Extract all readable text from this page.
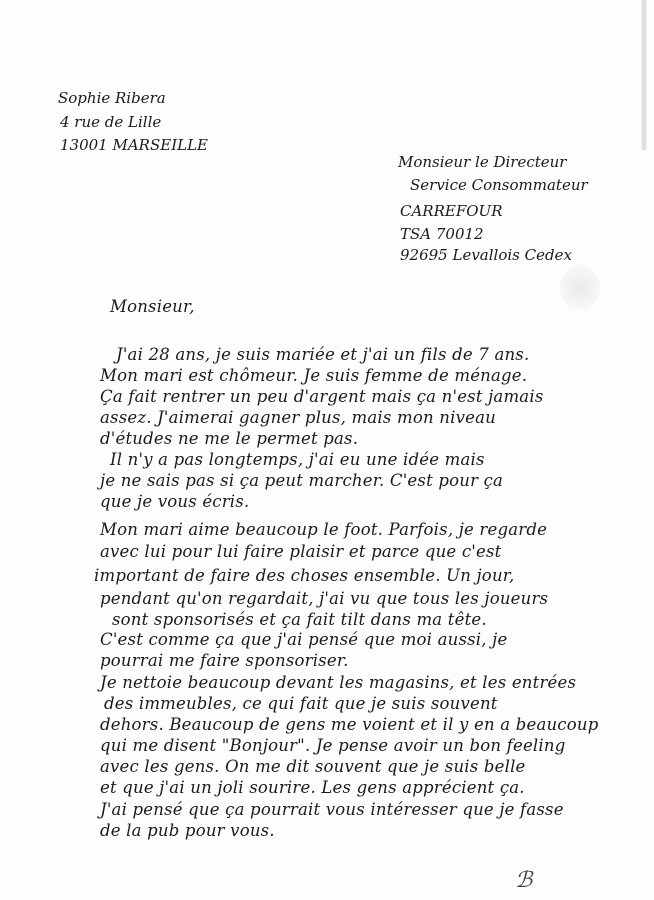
Sophie Ribera
4 rue de Lille
13001 MARSEILLE
Monsieur le Directeur
Service Consommateur
CARREFOUR
TSA 70012
92695 Levallois Cedex
Monsieur,
J'ai 28 ans, je suis mariée et j'ai un fils de 7 ans.
Mon mari est chômeur. Je suis femme de ménage.
Ça fait rentrer un peu d'argent mais ça n'est jamais
assez. J'aimerai gagner plus, mais mon niveau
d'études ne me le permet pas.
Il n'y a pas longtemps, j'ai eu une idée mais
je ne sais pas si ça peut marcher. C'est pour ça
que je vous écris.
Mon mari aime beaucoup le foot. Parfois, je regarde
avec lui pour lui faire plaisir et parce que c'est
important de faire des choses ensemble. Un jour,
pendant qu'on regardait, j'ai vu que tous les joueurs
sont sponsorisés et ça fait tilt dans ma tête.
C'est comme ça que j'ai pensé que moi aussi, je
pourrai me faire sponsoriser.
Je nettoie beaucoup devant les magasins, et les entrées
des immeubles, ce qui fait que je suis souvent
dehors. Beaucoup de gens me voient et il y en a beaucoup
qui me disent "Bonjour". Je pense avoir un bon feeling
avec les gens. On me dit souvent que je suis belle
et que j'ai un joli sourire. Les gens apprécient ça.
J'ai pensé que ça pourrait vous intéresser que je fasse
de la pub pour vous.
ℬ
